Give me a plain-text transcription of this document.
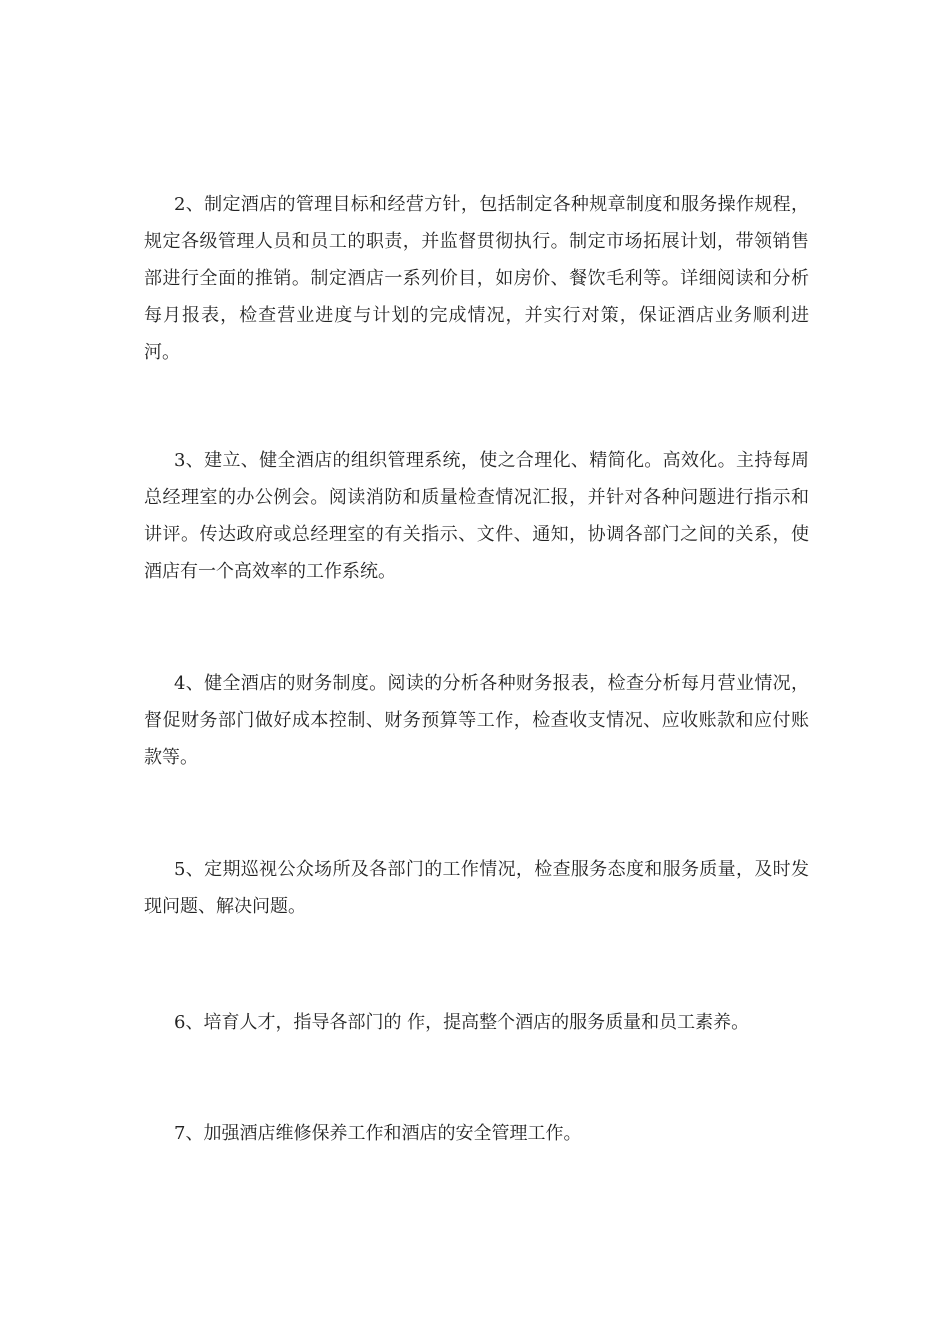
2、制定酒店的管理目标和经营方针，包括制定各种规章制度和服务操作规程，规定各级管理人员和员工的职责，并监督贯彻执行。制定市场拓展计划，带领销售部进行全面的推销。制定酒店一系列价目，如房价、餐饮毛利等。详细阅读和分析每月报表，检查营业进度与计划的完成情况，并实行对策，保证酒店业务顺利进河。

3、建立、健全酒店的组织管理系统，使之合理化、精简化。高效化。主持每周总经理室的办公例会。阅读消防和质量检查情况汇报，并针对各种问题进行指示和讲评。传达政府或总经理室的有关指示、文件、通知，协调各部门之间的关系，使酒店有一个高效率的工作系统。

4、健全酒店的财务制度。阅读的分析各种财务报表，检查分析每月营业情况，督促财务部门做好成本控制、财务预算等工作，检查收支情况、应收账款和应付账款等。

5、定期巡视公众场所及各部门的工作情况，检查服务态度和服务质量，及时发现问题、解决问题。

6、培育人才，指导各部门的 作，提高整个酒店的服务质量和员工素养。

7、加强酒店维修保养工作和酒店的安全管理工作。
